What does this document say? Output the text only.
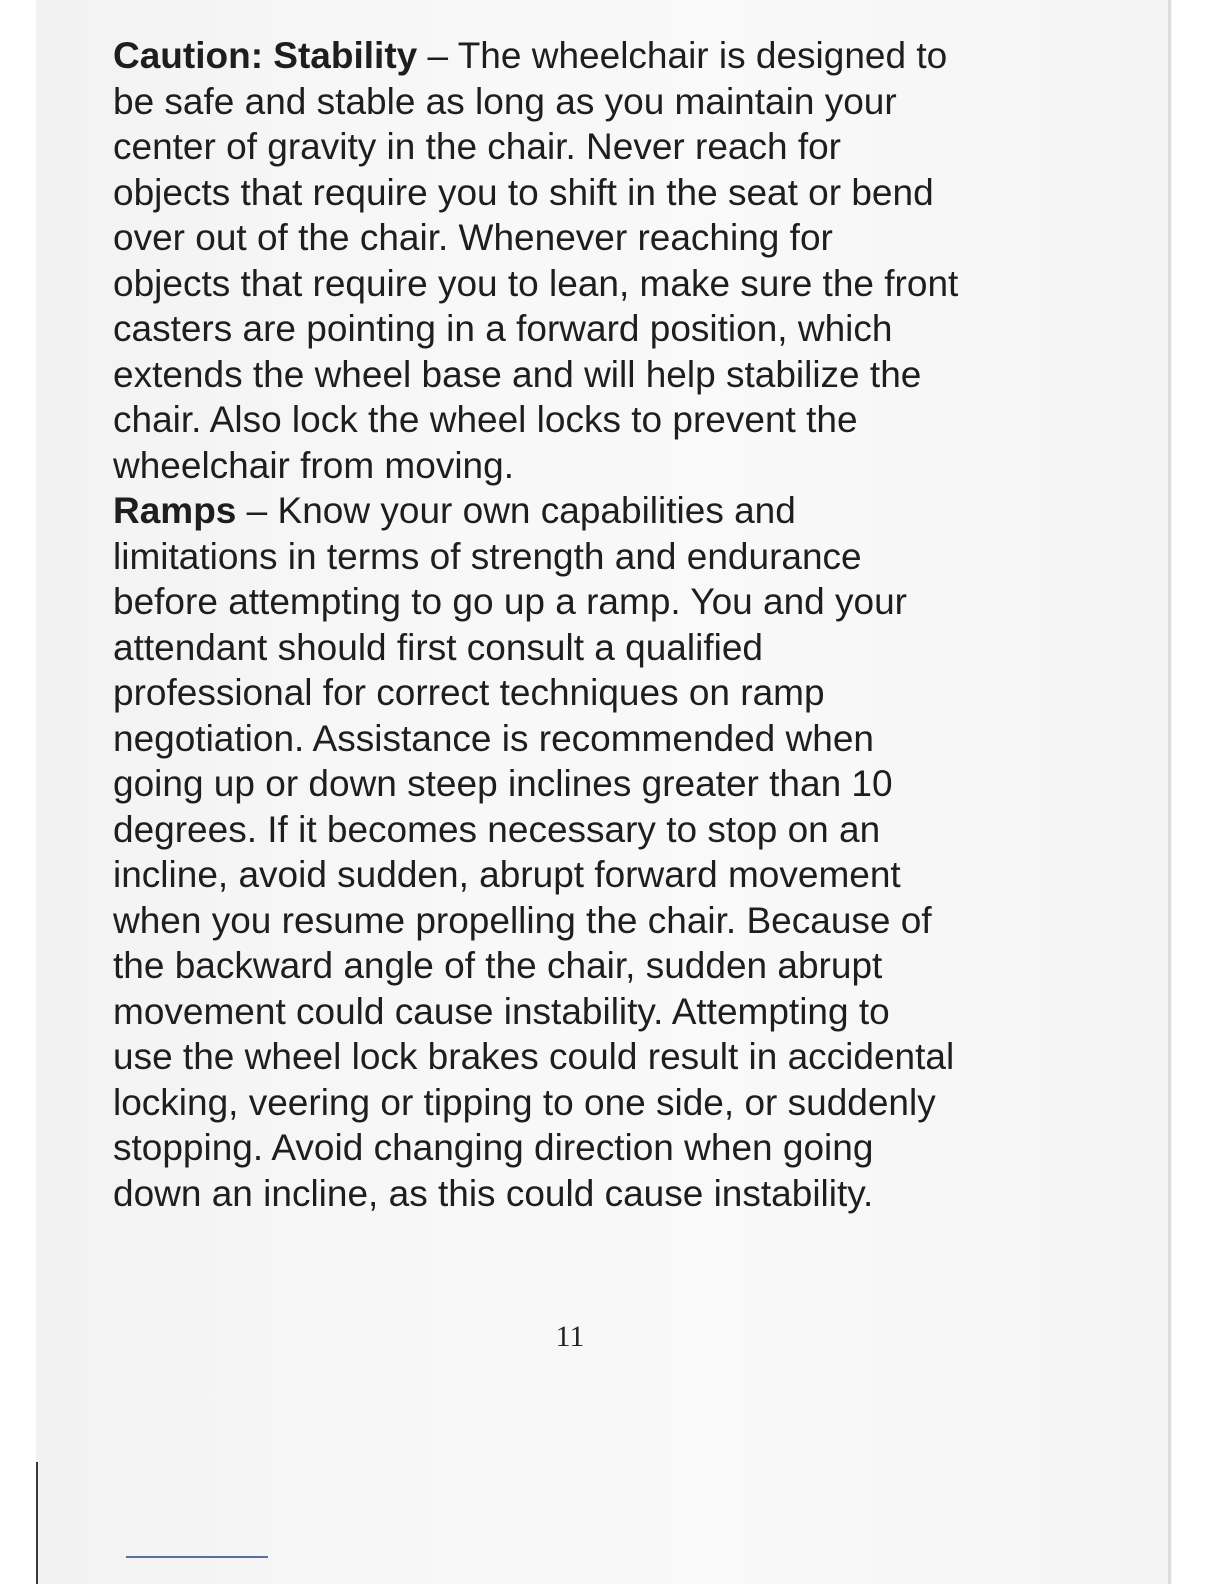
Caution: Stability – The wheelchair is designed to
be safe and stable as long as you maintain your
center of gravity in the chair. Never reach for
objects that require you to shift in the seat or bend
over out of the chair. Whenever reaching for
objects that require you to lean, make sure the front
casters are pointing in a forward position, which
extends the wheel base and will help stabilize the
chair. Also lock the wheel locks to prevent the
wheelchair from moving.
Ramps – Know your own capabilities and
limitations in terms of strength and endurance
before attempting to go up a ramp. You and your
attendant should first consult a qualified
professional for correct techniques on ramp
negotiation. Assistance is recommended when
going up or down steep inclines greater than 10
degrees. If it becomes necessary to stop on an
incline, avoid sudden, abrupt forward movement
when you resume propelling the chair. Because of
the backward angle of the chair, sudden abrupt
movement could cause instability. Attempting to
use the wheel lock brakes could result in accidental
locking, veering or tipping to one side, or suddenly
stopping. Avoid changing direction when going
down an incline, as this could cause instability.
11
